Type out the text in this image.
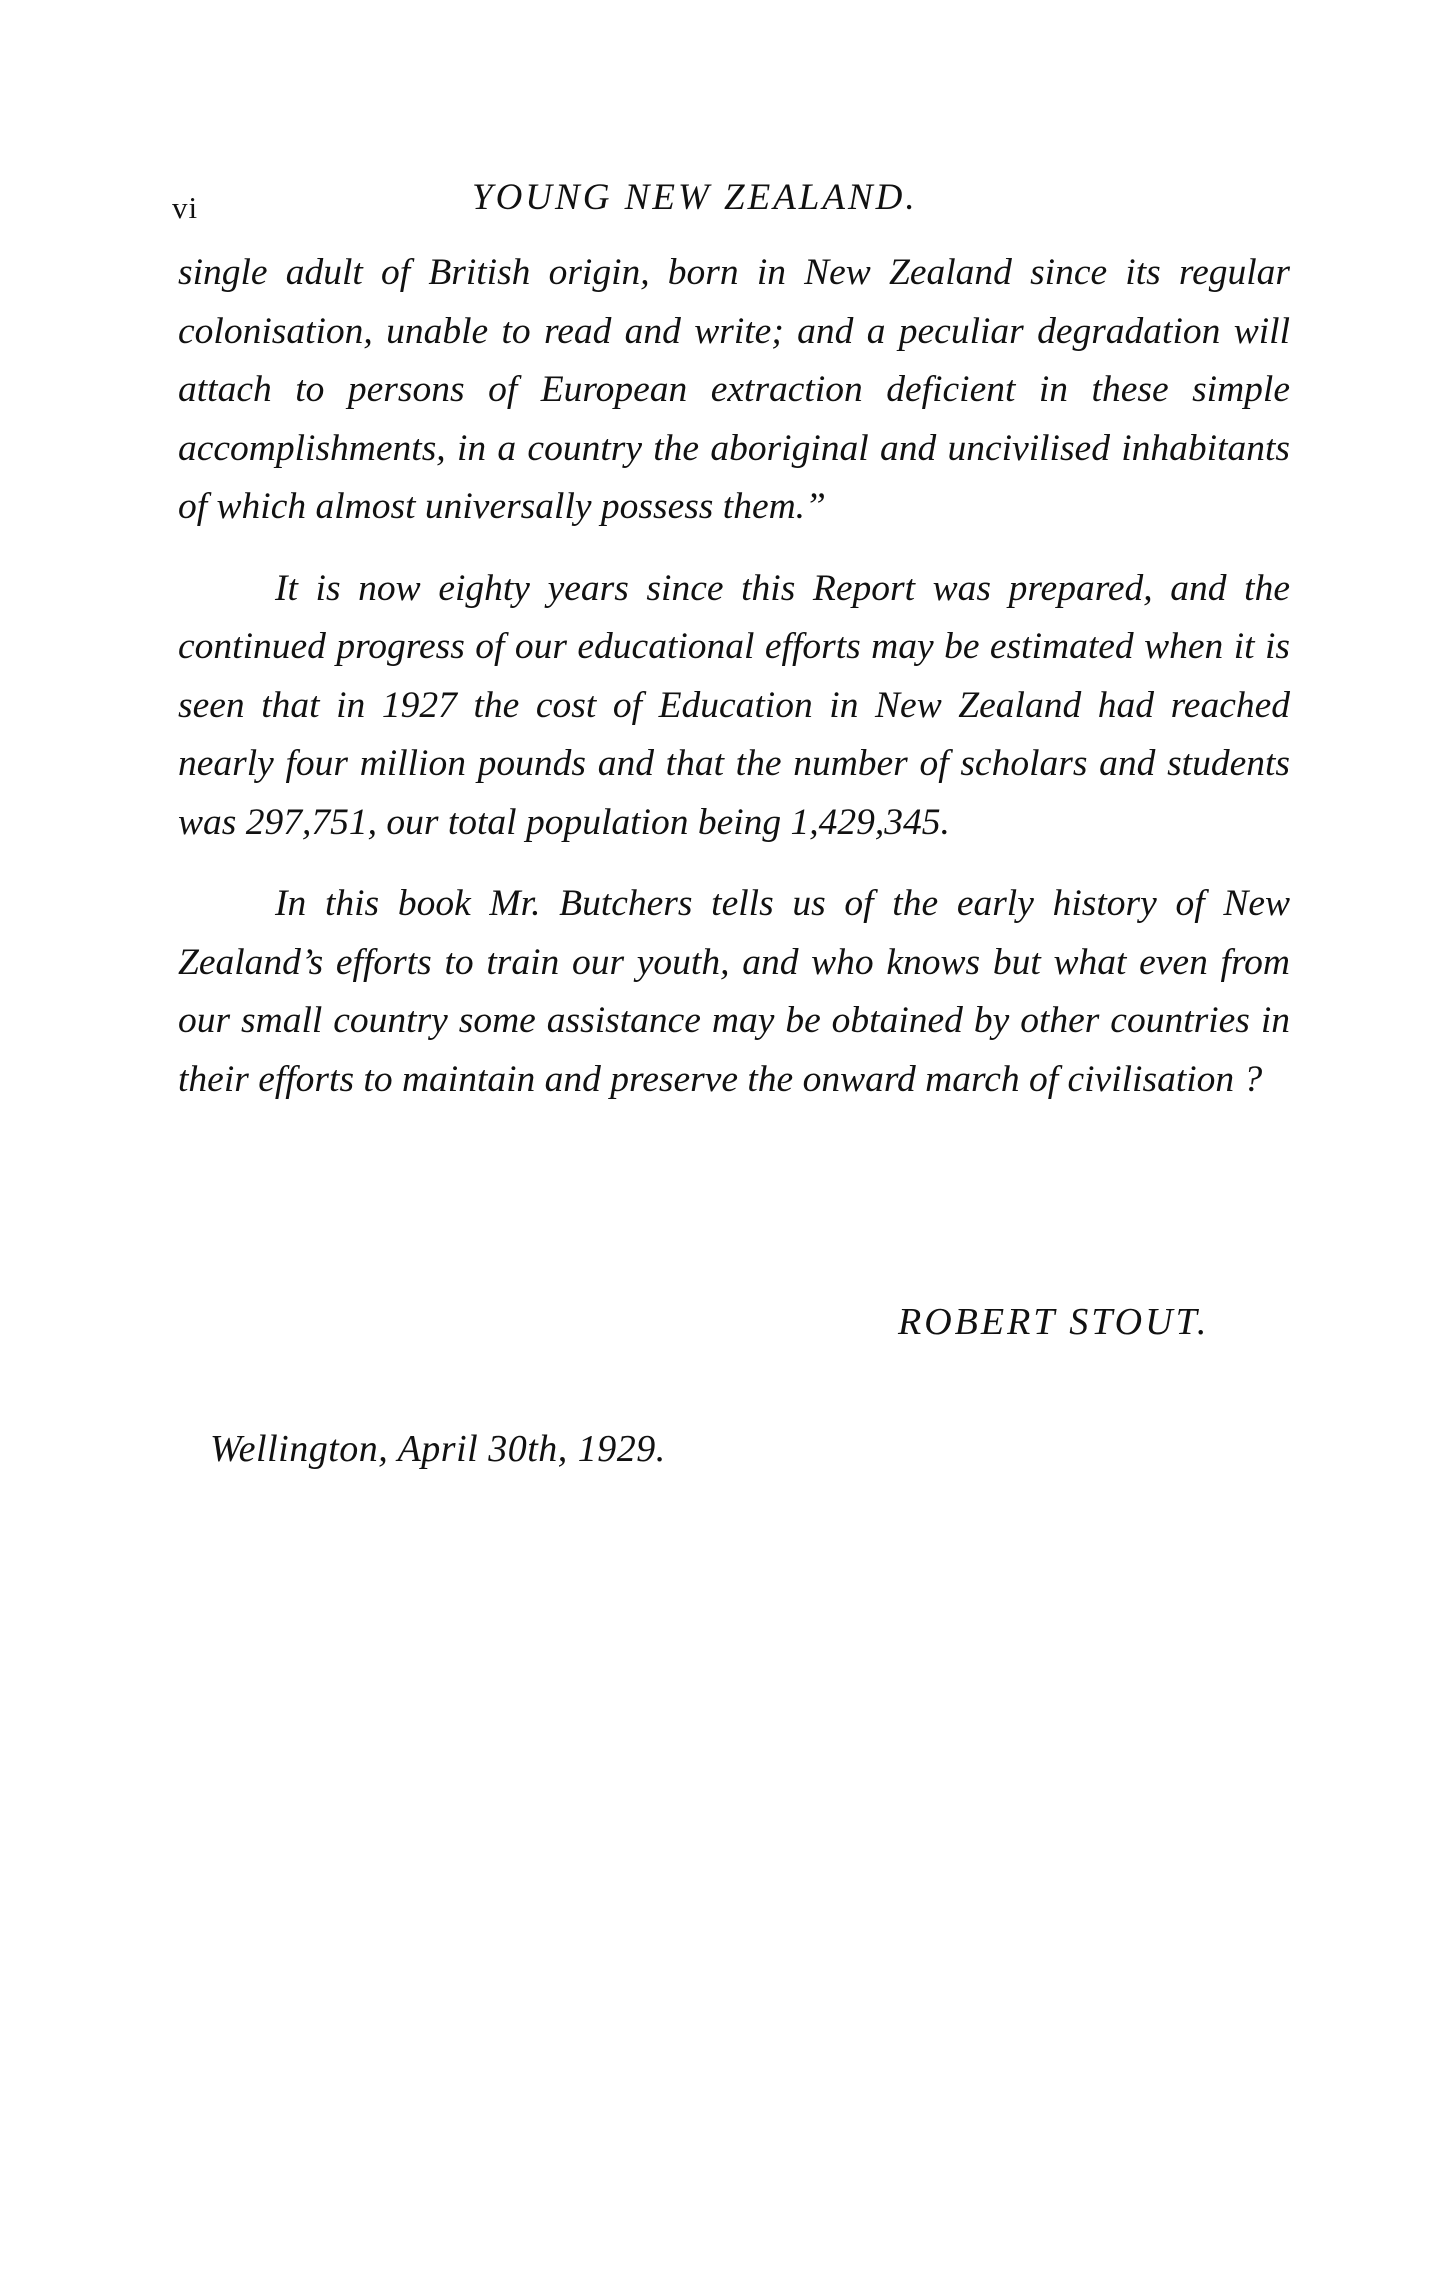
vi	YOUNG NEW ZEALAND.

single adult of British origin, born in New Zealand since its regular colonisation, unable to read and write; and a peculiar degradation will attach to persons of European extraction deficient in these simple accomplishments, in a country the aboriginal and uncivilised inhabitants of which almost universally possess them.”

It is now eighty years since this Report was prepared, and the continued progress of our educational efforts may be estimated when it is seen that in 1927 the cost of Education in New Zealand had reached nearly four million pounds and that the number of scholars and students was 297,751, our total population being 1,429,345.

In this book Mr. Butchers tells us of the early history of New Zealand’s efforts to train our youth, and who knows but what even from our small country some assistance may be obtained by other countries in their efforts to maintain and preserve the onward march of civilisation ?

ROBERT STOUT.
Wellington, April 30th, 1929.
